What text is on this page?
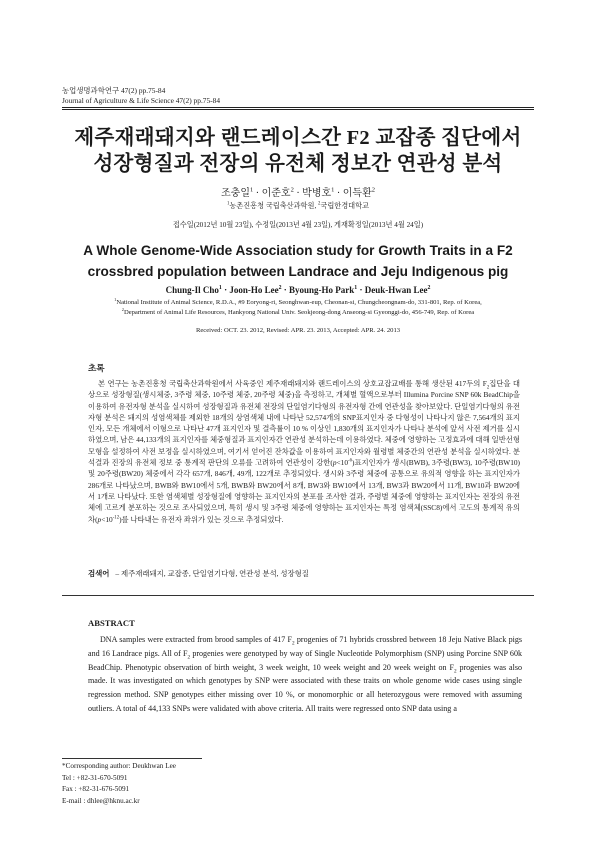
농업생명과학연구 47(2) pp.75-84
Journal of Agriculture & Life Science 47(2) pp.75-84
제주재래돼지와 랜드레이스간 F2 교잡종 집단에서
성장형질과 전장의 유전체 정보간 연관성 분석
조충일$^1$ · 이준호$^2$ · 박병호$^1$ · 이득환$^2$
$^1$농촌진흥청 국립축산과학원, $^2$국립한경대학교
접수일(2012년 10월 23일), 수정일(2013년 4월 23일), 게재확정일(2013년 4월 24일)
A Whole Genome-Wide Association study for Growth Traits in a F2
crossbred population between Landrace and Jeju Indigenous pig
Chung-Il Cho$^1$ · Joon-Ho Lee$^2$ · Byoung-Ho Park$^1$ · Deuk-Hwan Lee$^2$
$^1$National Institute of Animal Science, R.D.A., #9 Eoryong-ri, Seonghwan-eup, Cheonan-si, Chungcheongnam-do, 331-801, Rep. of Korea,
$^2$Department of Animal Life Resources, Hankyong National Univ. Seokjeong-dong Anseong-si Gyeonggi-do, 456-749, Rep. of Korea
Received: OCT. 23. 2012, Revised: APR. 23. 2013, Accepted: APR. 24. 2013
초록

본 연구는 농촌진흥청 국립축산과학원에서 사육중인 제주재래돼지와 랜드레이스의 상호교잡교배를 통해 생산된 417두의 $F_2$집단을 대상으로 성장형질(생시체중, 3주령 체중, 10주령 체중, 20주령 체중)을 측정하고, 개체별 혈액으로부터 Illumina Porcine SNP 60k BeadChip을 이용하여 유전자형 분석을 실시하여 성장형질과 유전체 전장의 단일염기다형의 유전자형 간에 연관성을 찾아보았다. 단일염기다형의 유전자형 분석은 돼지의 성염색체를 제외한 18개의 상염색체 내에 나타난 52,574개의 SNP표지인자 중 다형성이 나타나지 않은 7,564개의 표지인자, 모든 개체에서 이형으로 나타난 47개 표지인자 및 결측률이 10 % 이상인 1,830개의 표지인자가 나타나 분석에 앞서 사전 제거를 실시하였으며, 남은 44,133개의 표지인자를 체중형질과 표지인자간 연관성 분석하는데 이용하였다. 체중에 영향하는 고정효과에 대해 일반선형모형을 설정하여 사전 보정을 실시하였으며, 여기서 얻어진 잔차값을 이용하여 표지인자와 월령별 체중간의 연관성 분석을 실시하였다. 분석결과 진장의 유전체 정보 중 통계적 판단의 오류를 고려하여 연관성이 강한$(p<10^{-6})$표지인자가 생시(BWB), 3주령(BW3), 10주령(BW10) 및 20주령(BW20) 체중에서 각각 657개, 846개, 49개, 122개로 추정되었다. 생시와 3주령 체중에 공통으로 유의적 영향을 하는 표지인자가 286개로 나타났으며, BWB와 BW10에서 5개, BWB와 BW20에서 8개, BW3와 BW10에서 13개, BW3과 BW20에서 11개, BW10과 BW20에서 1개로 나타났다. 또한 염색체별 성장형질에 영향하는 표지인자의 분포를 조사한 결과, 주령별 체중에 영향하는 표지인자는 전장의 유전체에 고르게 분포하는 것으로 조사되었으며, 특히 생시 및 3주령 체중에 영향하는 표지인자는 특정 염색체(SSC8)에서 고도의 통계적 유의차$(p<10^{-12})$를 나타내는 유전자 좌위가 있는 것으로 추정되었다.

검색어 – 제주재래돼지, 교잡종, 단일염기다형, 연관성 분석, 성장형질
ABSTRACT

DNA samples were extracted from brood samples of 417 $F_2$ progenies of 71 hybrids crossbred between 18 Jeju Native Black pigs and 16 Landrace pigs. All of $F_2$ progenies were genotyped by way of Single Nucleotide Polymorphism (SNP) using Porcine SNP 60k BeadChip. Phenotypic observation of birth weight, 3 week weight, 10 week weight and 20 week weight on $F_2$ progenies was also made. It was investigated on which genotypes by SNP were associated with these traits on whole genome wide cases using single regression method. SNP genotypes either missing over 10 %, or monomorphic or all heterozygous were removed with assuming outliers. A total of 44,133 SNPs were validated with above criteria. All traits were regressed onto SNP data using a

*Corresponding author: Deukhwan Lee
Tel : +82-31-670-5091
Fax : +82-31-676-5091
E-mail : dhlee@hknu.ac.kr
